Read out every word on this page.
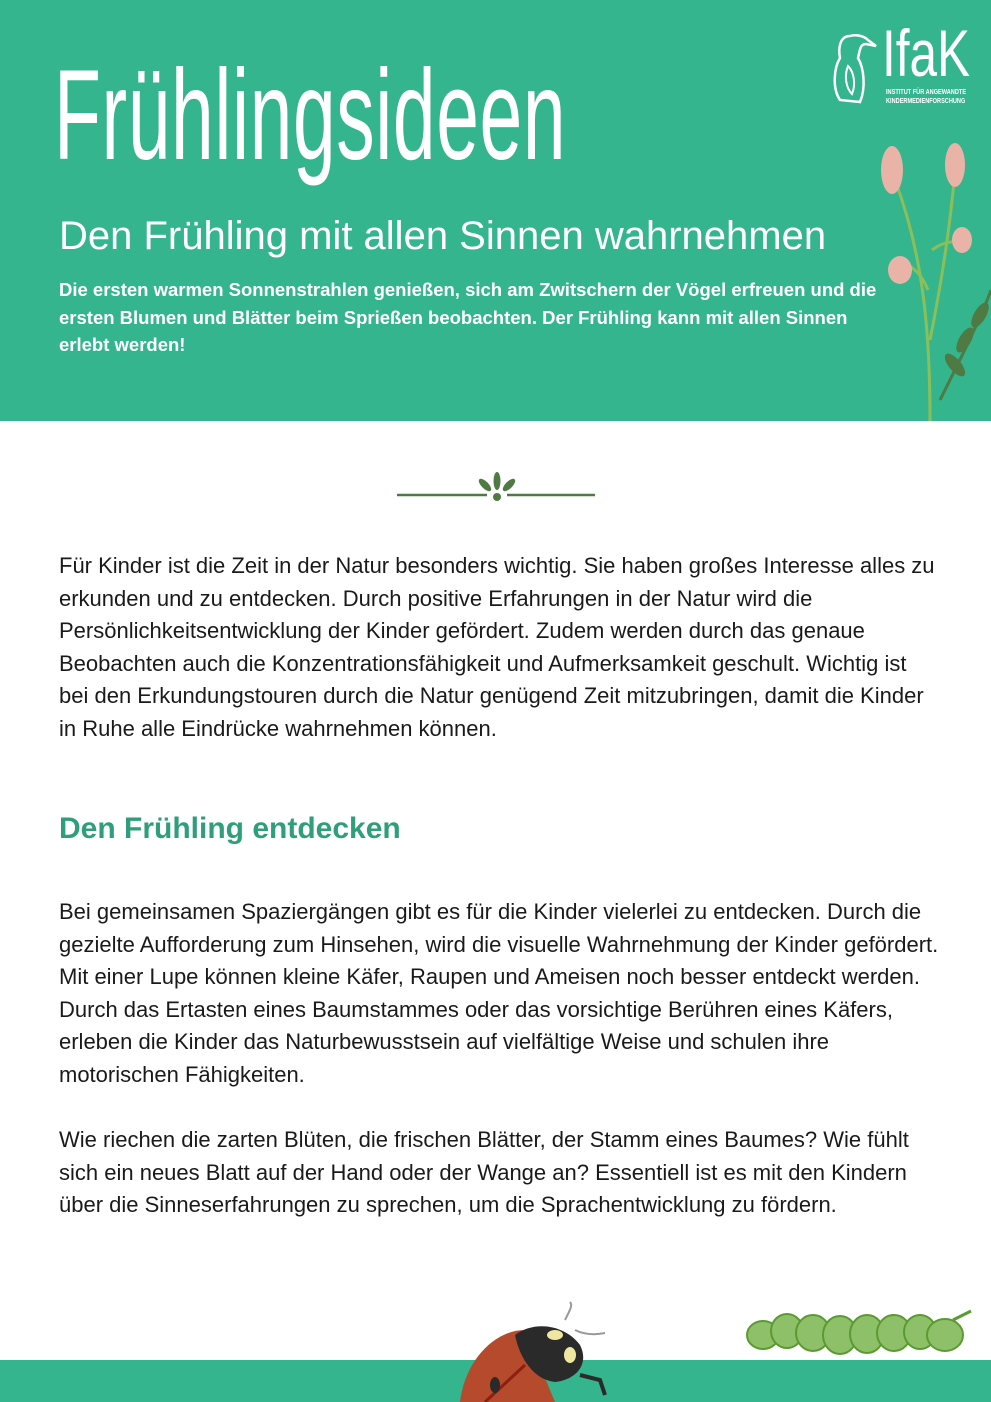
Frühlingsideen
Den Frühling mit allen Sinnen wahrnehmen
Die ersten warmen Sonnenstrahlen genießen, sich am Zwitschern der Vögel erfreuen und die ersten Blumen und Blätter beim Sprießen beobachten. Der Frühling kann mit allen Sinnen erlebt werden!
IfaK
INSTITUT FÜR ANGEWANDTE
KINDERMEDIENFORSCHUNG
Für Kinder ist die Zeit in der Natur besonders wichtig. Sie haben großes Interesse alles zu erkunden und zu entdecken. Durch positive Erfahrungen in der Natur wird die Persönlichkeitsentwicklung der Kinder gefördert. Zudem werden durch das genaue Beobachten auch die Konzentrationsfähigkeit und Aufmerksamkeit geschult. Wichtig ist bei den Erkundungstouren durch die Natur genügend Zeit mitzubringen, damit die Kinder in Ruhe alle Eindrücke wahrnehmen können.
Den Frühling entdecken
Bei gemeinsamen Spaziergängen gibt es für die Kinder vielerlei zu entdecken. Durch die gezielte Aufforderung zum Hinsehen, wird die visuelle Wahrnehmung der Kinder gefördert. Mit einer Lupe können kleine Käfer, Raupen und Ameisen noch besser entdeckt werden. Durch das Ertasten eines Baumstammes oder das vorsichtige Berühren eines Käfers, erleben die Kinder das Naturbewusstsein auf vielfältige Weise und schulen ihre motorischen Fähigkeiten.
Wie riechen die zarten Blüten, die frischen Blätter, der Stamm eines Baumes? Wie fühlt sich ein neues Blatt auf der Hand oder der Wange an? Essentiell ist es mit den Kindern über die Sinneserfahrungen zu sprechen, um die Sprachentwicklung zu fördern.
